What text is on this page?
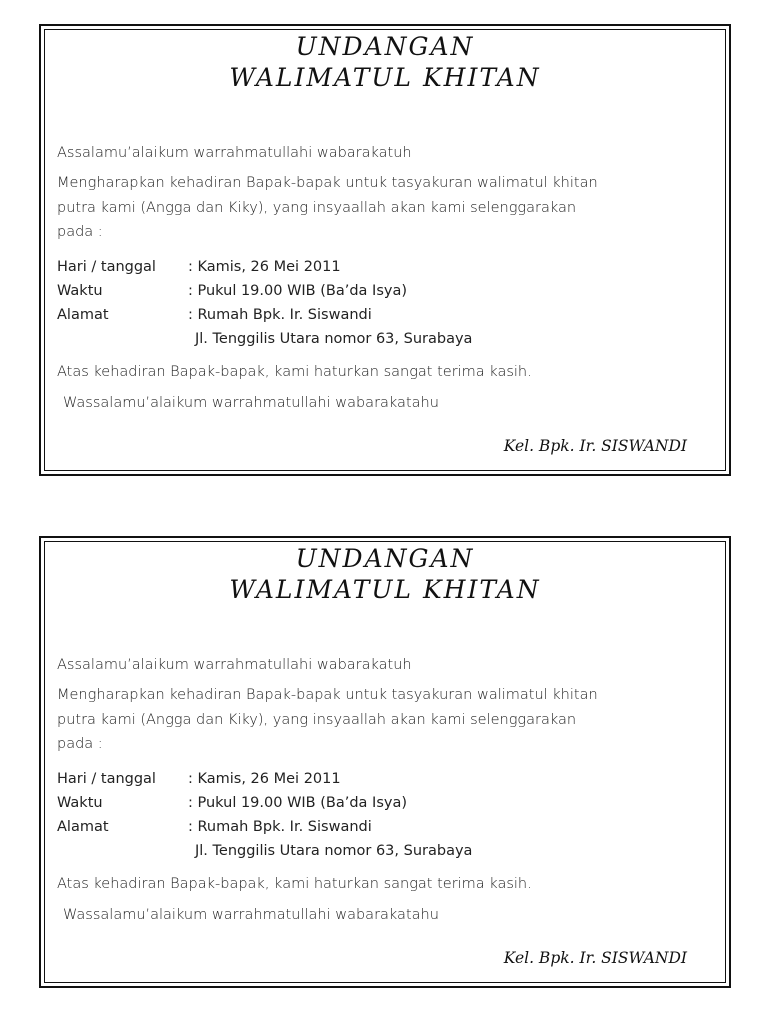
UNDANGAN
WALIMATUL KHITAN
Assalamu’alaikum warrahmatullahi wabarakatuh
Mengharapkan kehadiran Bapak-bapak untuk tasyakuran walimatul khitan
putra kami (Angga dan Kiky), yang insyaallah akan kami selenggarakan
pada :
Hari / tanggal : Kamis, 26 Mei 2011
Waktu	: Pukul 19.00 WIB (Ba’da Isya)
Alamat	: Rumah Bpk. Ir. Siswandi
Jl. Tenggilis Utara nomor 63, Surabaya
Atas kehadiran Bapak-bapak, kami haturkan sangat terima kasih.
Wassalamu’alaikum warrahmatullahi wabarakatahu
Kel. Bpk. Ir. SISWANDI
UNDANGAN
WALIMATUL KHITAN
Assalamu’alaikum warrahmatullahi wabarakatuh
Mengharapkan kehadiran Bapak-bapak untuk tasyakuran walimatul khitan
putra kami (Angga dan Kiky), yang insyaallah akan kami selenggarakan
pada :
Hari / tanggal : Kamis, 26 Mei 2011
Waktu	: Pukul 19.00 WIB (Ba’da Isya)
Alamat	: Rumah Bpk. Ir. Siswandi
Jl. Tenggilis Utara nomor 63, Surabaya
Atas kehadiran Bapak-bapak, kami haturkan sangat terima kasih.
Wassalamu’alaikum warrahmatullahi wabarakatahu
Kel. Bpk. Ir. SISWANDI
